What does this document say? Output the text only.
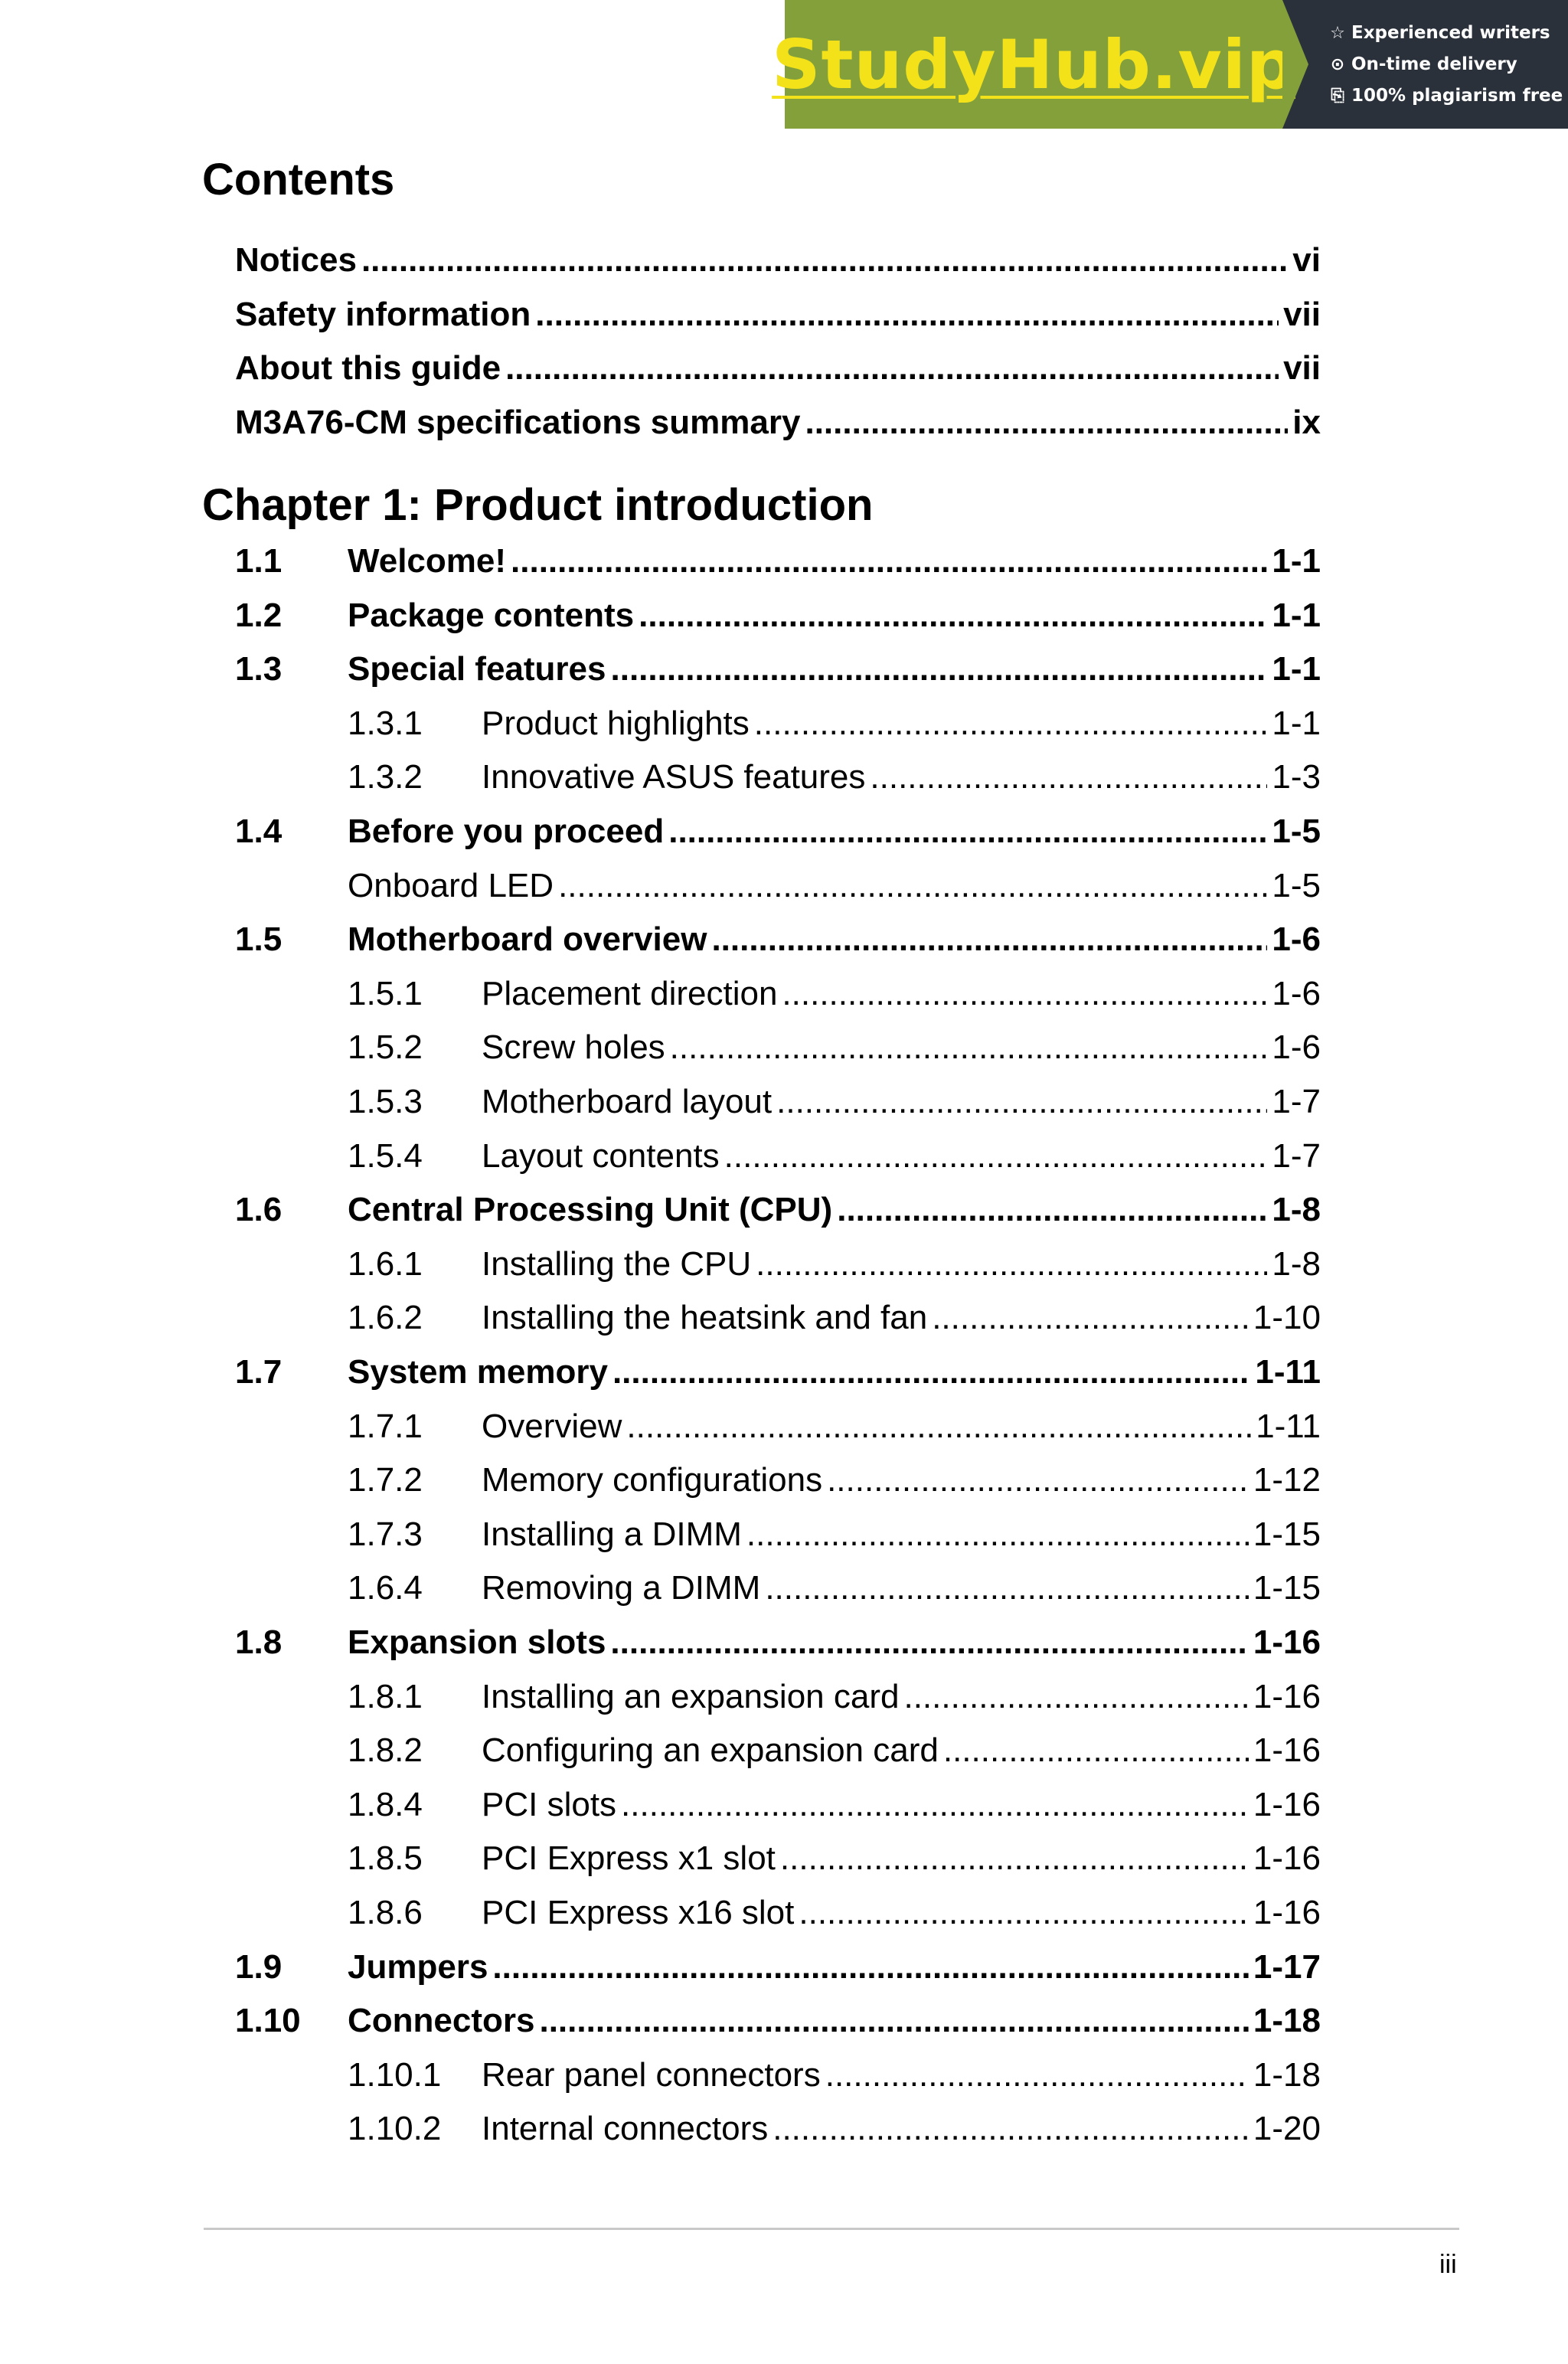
StudyHub.vip ☆ Experienced writers
⊙ On-time delivery
⎘ 100% plagiarism free
Contents
Notices .....	vi
Safety information .....	vii
About this guide .....	vii
M3A76-CM specifications summary .....	ix
Chapter 1: Product introduction
1.1	Welcome! .....	1-1
1.2	Package contents .....	1-1
1.3	Special features .....	1-1
1.3.1	Product highlights .....	1-1
1.3.2	Innovative ASUS features .....	1-3
1.4	Before you proceed .....	1-5
Onboard LED .....	1-5
1.5	Motherboard overview .....	1-6
1.5.1	Placement direction .....	1-6
1.5.2	Screw holes .....	1-6
1.5.3	Motherboard layout .....	1-7
1.5.4	Layout contents .....	1-7
1.6	Central Processing Unit (CPU) .....	1-8
1.6.1	Installing the CPU .....	1-8
1.6.2	Installing the heatsink and fan .....	1-10
1.7	System memory .....	1-11
1.7.1	Overview .....	1-11
1.7.2	Memory configurations .....	1-12
1.7.3	Installing a DIMM .....	1-15
1.6.4	Removing a DIMM .....	1-15
1.8	Expansion slots .....	1-16
1.8.1	Installing an expansion card .....	1-16
1.8.2	Configuring an expansion card .....	1-16
1.8.4	PCI slots .....	1-16
1.8.5	PCI Express x1 slot .....	1-16
1.8.6	PCI Express x16 slot .....	1-16
1.9	Jumpers .....	1-17
1.10	Connectors .....	1-18
1.10.1	Rear panel connectors .....	1-18
1.10.2	Internal connectors .....	1-20
iii
